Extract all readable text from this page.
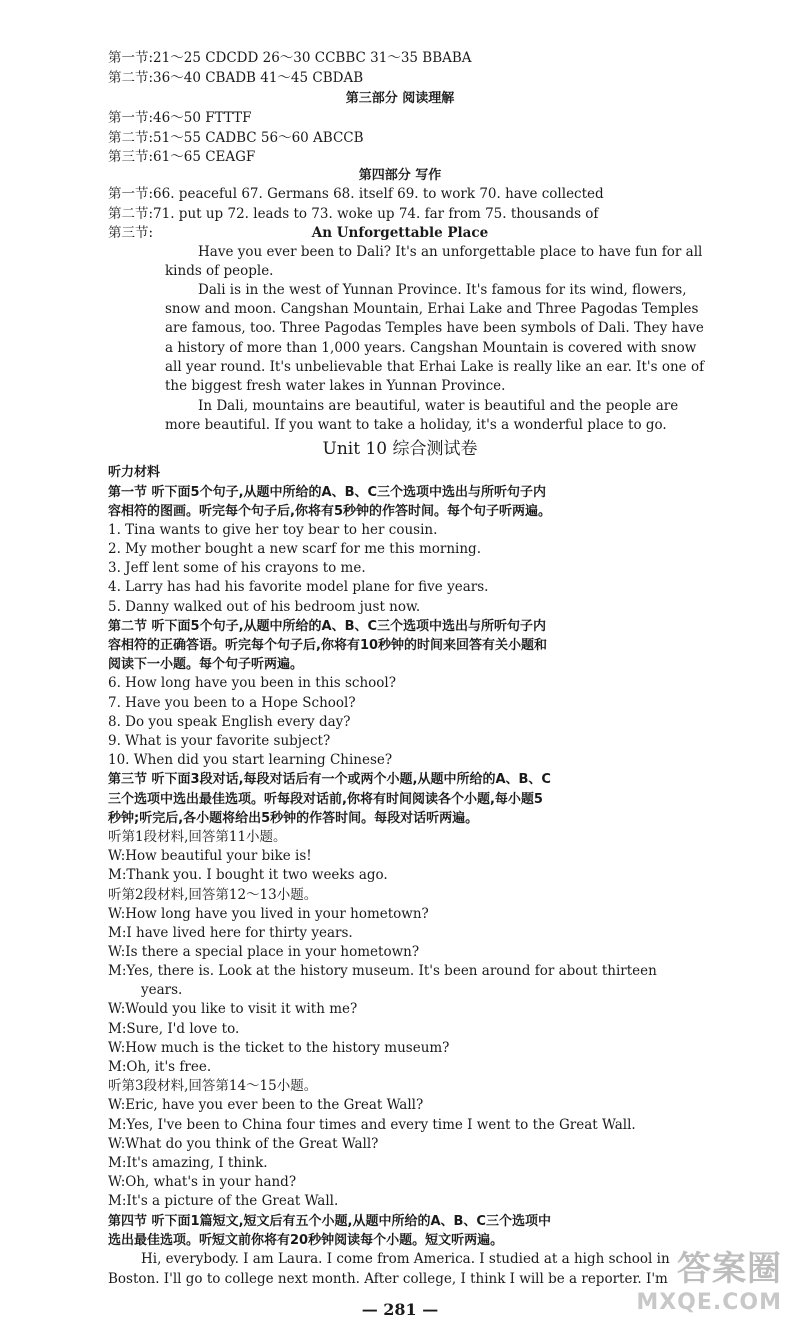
第一节:21～25 CDCDD 26～30 CCBBC 31～35 BBABA
第二节:36～40 CBADB 41～45 CBDAB
第三部分 阅读理解
第一节:46～50 FTTTF
第二节:51～55 CADBC 56～60 ABCCB
第三节:61～65 CEAGF
第四部分 写作
第一节:66. peaceful 67. Germans 68. itself 69. to work 70. have collected
第二节:71. put up 72. leads to 73. woke up 74. far from 75. thousands of
第三节:	An Unforgettable Place
Have you ever been to Dali? It's an unforgettable place to have fun for all
kinds of people.
Dali is in the west of Yunnan Province. It's famous for its wind, flowers,
snow and moon. Cangshan Mountain, Erhai Lake and Three Pagodas Temples
are famous, too. Three Pagodas Temples have been symbols of Dali. They have
a history of more than 1,000 years. Cangshan Mountain is covered with snow
all year round. It's unbelievable that Erhai Lake is really like an ear. It's one of
the biggest fresh water lakes in Yunnan Province.
In Dali, mountains are beautiful, water is beautiful and the people are
more beautiful. If you want to take a holiday, it's a wonderful place to go.
Unit 10 综合测试卷
听力材料
第一节 听下面5个句子,从题中所给的A、B、C三个选项中选出与所听句子内
容相符的图画。听完每个句子后,你将有5秒钟的作答时间。每个句子听两遍。
1. Tina wants to give her toy bear to her cousin.
2. My mother bought a new scarf for me this morning.
3. Jeff lent some of his crayons to me.
4. Larry has had his favorite model plane for five years.
5. Danny walked out of his bedroom just now.
第二节 听下面5个句子,从题中所给的A、B、C三个选项中选出与所听句子内
容相符的正确答语。听完每个句子后,你将有10秒钟的时间来回答有关小题和
阅读下一小题。每个句子听两遍。
6. How long have you been in this school?
7. Have you been to a Hope School?
8. Do you speak English every day?
9. What is your favorite subject?
10. When did you start learning Chinese?
第三节 听下面3段对话,每段对话后有一个或两个小题,从题中所给的A、B、C
三个选项中选出最佳选项。听每段对话前,你将有时间阅读各个小题,每小题5
秒钟;听完后,各小题将给出5秒钟的作答时间。每段对话听两遍。
听第1段材料,回答第11小题。
W:How beautiful your bike is!
M:Thank you. I bought it two weeks ago.
听第2段材料,回答第12～13小题。
W:How long have you lived in your hometown?
M:I have lived here for thirty years.
W:Is there a special place in your hometown?
M:Yes, there is. Look at the history museum. It's been around for about thirteen
years.
W:Would you like to visit it with me?
M:Sure, I'd love to.
W:How much is the ticket to the history museum?
M:Oh, it's free.
听第3段材料,回答第14～15小题。
W:Eric, have you ever been to the Great Wall?
M:Yes, I've been to China four times and every time I went to the Great Wall.
W:What do you think of the Great Wall?
M:It's amazing, I think.
W:Oh, what's in your hand?
M:It's a picture of the Great Wall.
第四节 听下面1篇短文,短文后有五个小题,从题中所给的A、B、C三个选项中
选出最佳选项。听短文前你将有20秒钟阅读每个小题。短文听两遍。
Hi, everybody. I am Laura. I come from America. I studied at a high school in
Boston. I'll go to college next month. After college, I think I will be a reporter. I'm
— 281 —
答案圈
MXQE.COM
